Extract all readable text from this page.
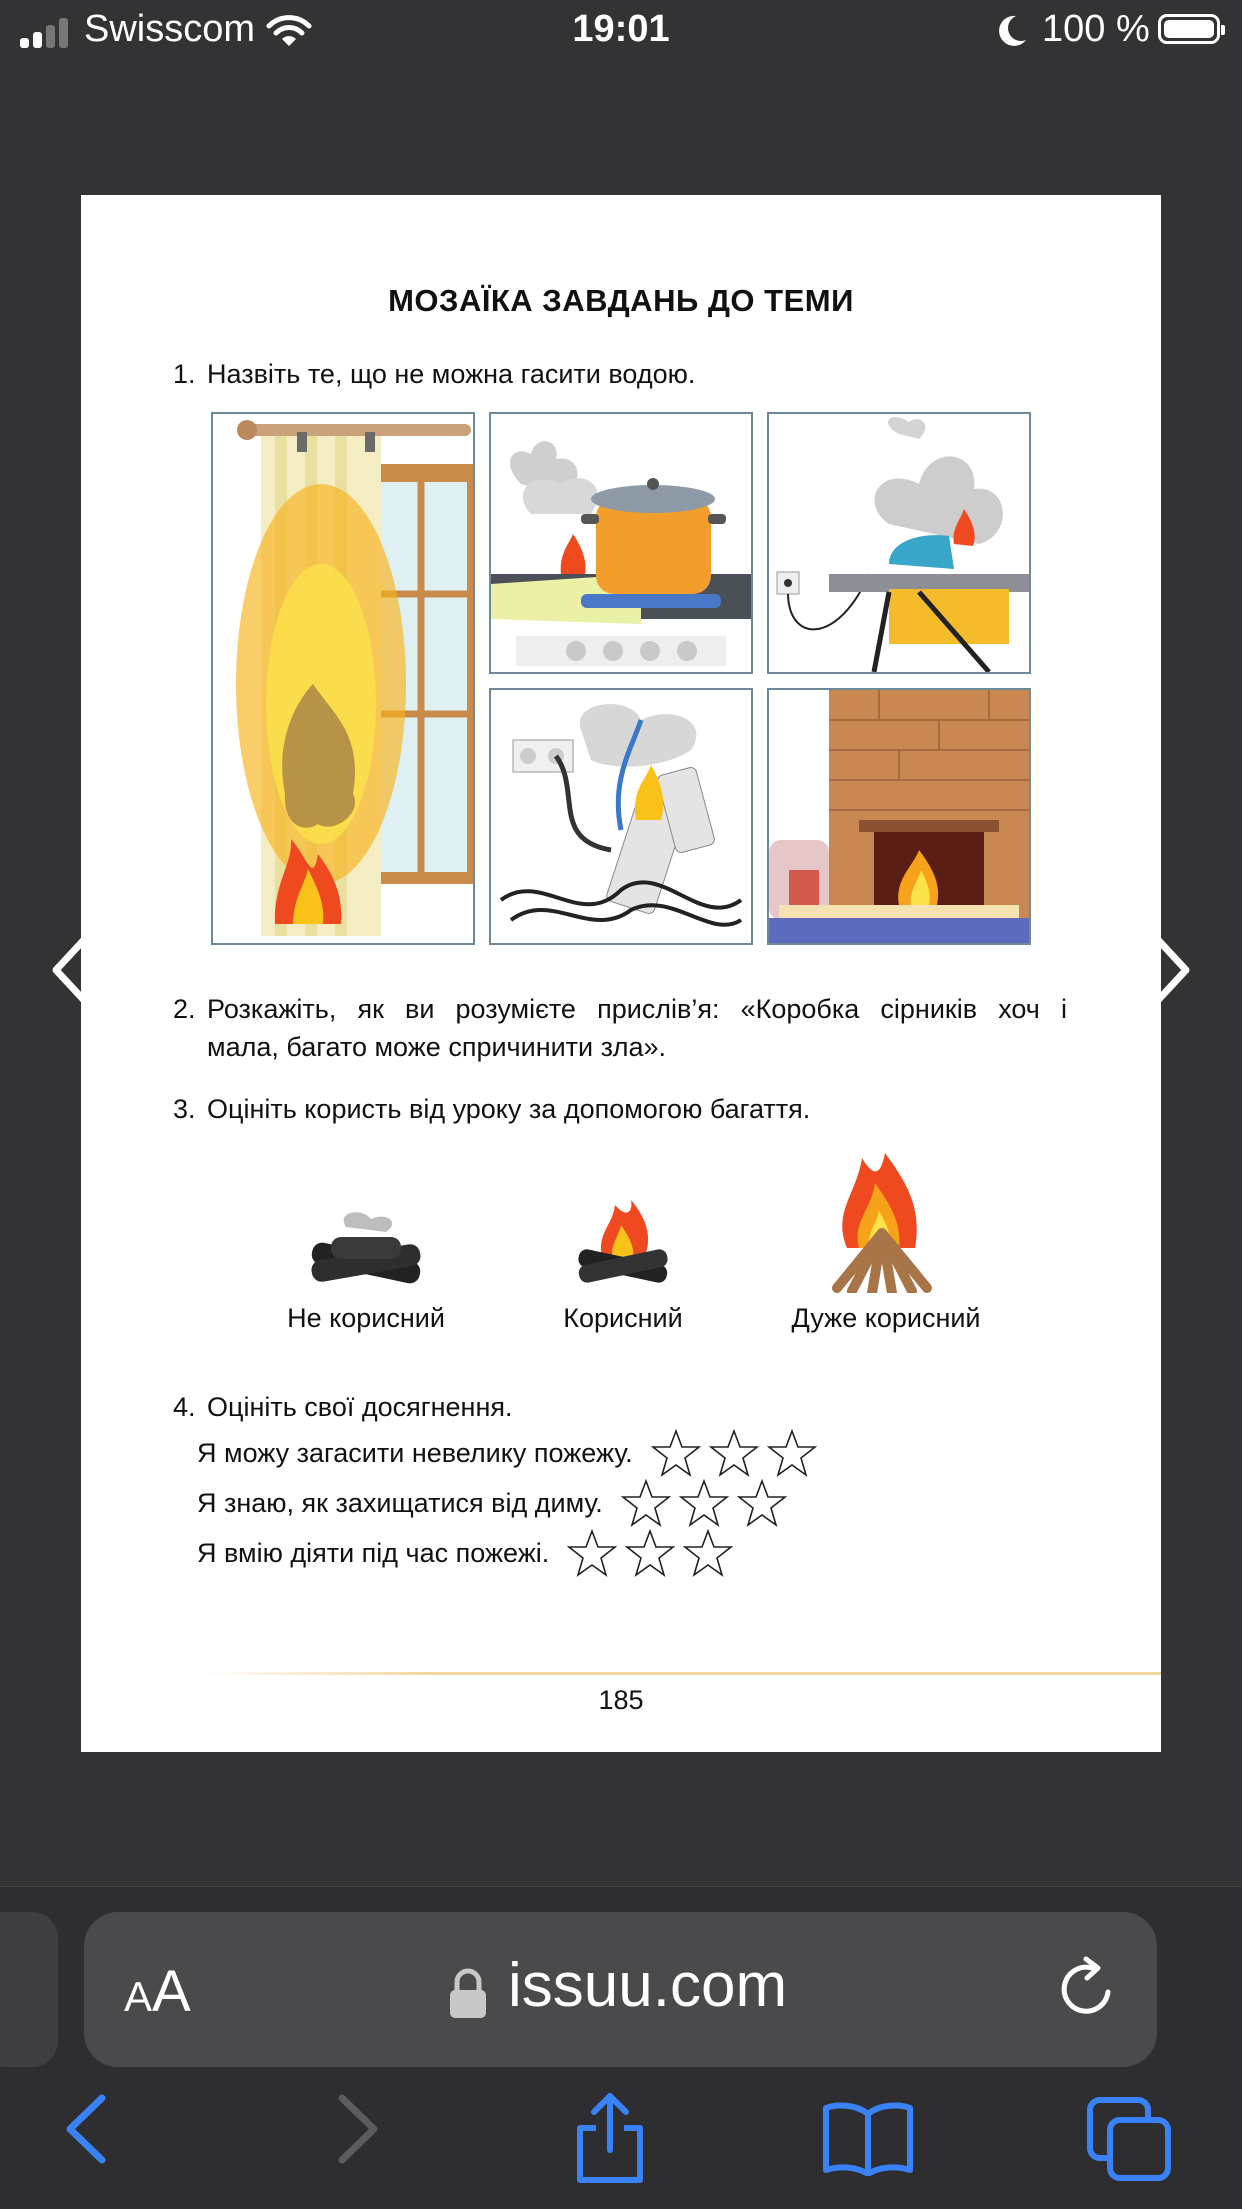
Swisscom	19:01	100 %
МОЗАЇКА ЗАВДАНЬ ДО ТЕМИ
1. Назвіть те, що не можна гасити водою.
2. Розкажіть, як ви розумієте прислів’я: «Коробка сірників хоч і
мала, багато може спричинити зла».
3. Оцініть користь від уроку за допомогою багаття.
Не корисний	Корисний	Дуже корисний
4. Оцініть свої досягнення.
Я можу загасити невелику пожежу.
Я знаю, як захищатися від диму.
Я вмію діяти під час пожежі.
185
AA	issuu.com
